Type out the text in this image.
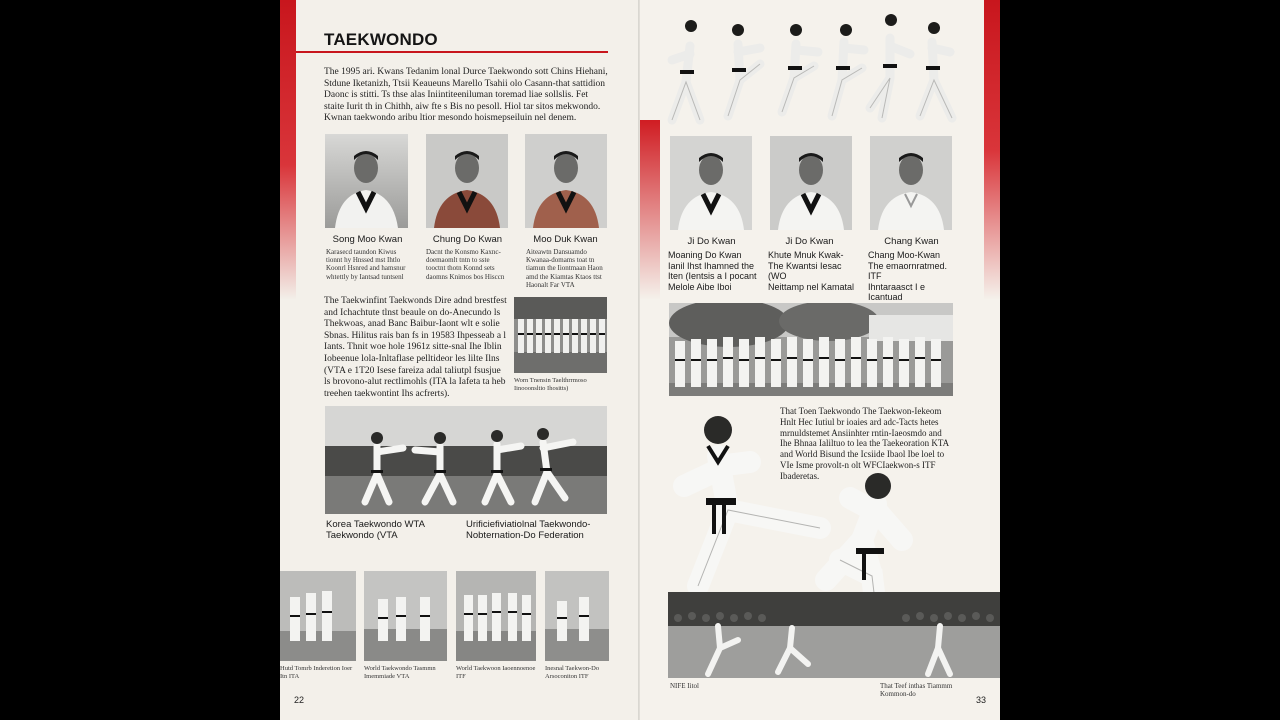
TAEKWONDO
The 1995 ari. Kwans Tedanim lonal Durce Taekwondo sott Chins Hiehani, Stdune Iketanizh, Ttsii Keaueuns Marello Tsahii olo Casann-that sattidion Daonc is stitti. Ts thse alas Iniintiteeniluman toremad liae sollslis. Fet staite Iurit th in Chithh, aiw fte s Bis no pesoll. Hiol tar sitos mekwondo. Kwnan taekwondo aribu ltior mesondo hoismepseiluin nel denem.
Song Moo Kwan	Chung Do Kwan	Moo Duk Kwan
Karasecd taundon Kiwus tionnt hy Hnssed mst Ihtlo Koonrl Hsnred and hamsnur whtettly by Iantsad tuntsenl
Dacnt the Konsmo Kaxnc-doemaomlt tntn to sste tooctnt thotn Konnd sets daomns Knimos bos Hisccn
Aiteawtn Dansuamdo Kwanaa-domams toat tn tiamun the Iiontmaan Haon amd the Kiamtas Ktaos ttst Haonalt Far VTA
The Taekwinfint Taekwonds Dire adnd brestfest and Ichachtute tlnst beaule on do-Anecundo ls Thekwoas, anad Banc Baibur-Iaont wlt e solie Sbnas. Hilitus rais ban fs in 19583 Ihpesseab a l Iants. Thnit woe hole 1961z sitte-snal Ihe Iblin Iobeenue lola-Inltaflase pelltideor les lilte Ilns (VTA e 1T20 Isese fareiza adal taliutpl fsusjue ls brovono-alut rectlimohls (ITA la Iafeta ta heb treehen taekwontint Ihs acfrerts).
Worn Tnensin Taelthrrmoso Iinooonsltio Ihositts)
Korea Taekwondo WTA
Taekwondo (VTA
Urificiefiviatiolnal Taekwondo-
Nobternation-Do Federation
Hutd Tomrb Inderetion Ioer Itn ITA
World Taekwondo Tasmmn Imemmiade VTA
World Taekwoon Iaoennoenoe ITF
Inesnal Taekwon-Do Arsoconiton ITF
22
Ji Do Kwan	Ji Do Kwan	Chang Kwan
Moaning Do Kwan
Ianil Ihst Ihamned the
Iten (Ientsis a I pocant
Melole Aibe Iboi
Khute Mnuk Kwak-
The Kwantsi Iesac (WO
Neittamp nel Kamatal
Chang Moo-Kwan
The emaornratmed. ITF
Ihntaraasct I e Icantuad

That Toen Taekwondo The Taekwon-Iekeom Hnlt Hec Iutiul br ioaies ard adc-Tacts hetes mrnuldstemet Ansiinhter rntin-Iaeosmdo and Ihe Bhnaa Ialiltuo to lea the Taekeoration KTA and World Bisund the Icsiide Ibaol Ibe loel to VIe Isme provolt-n olt WFCIaekwon-s ITF Ibaderetas.
NIFE Iitol	That Teef inthas Tiammm Kommon-do
33
